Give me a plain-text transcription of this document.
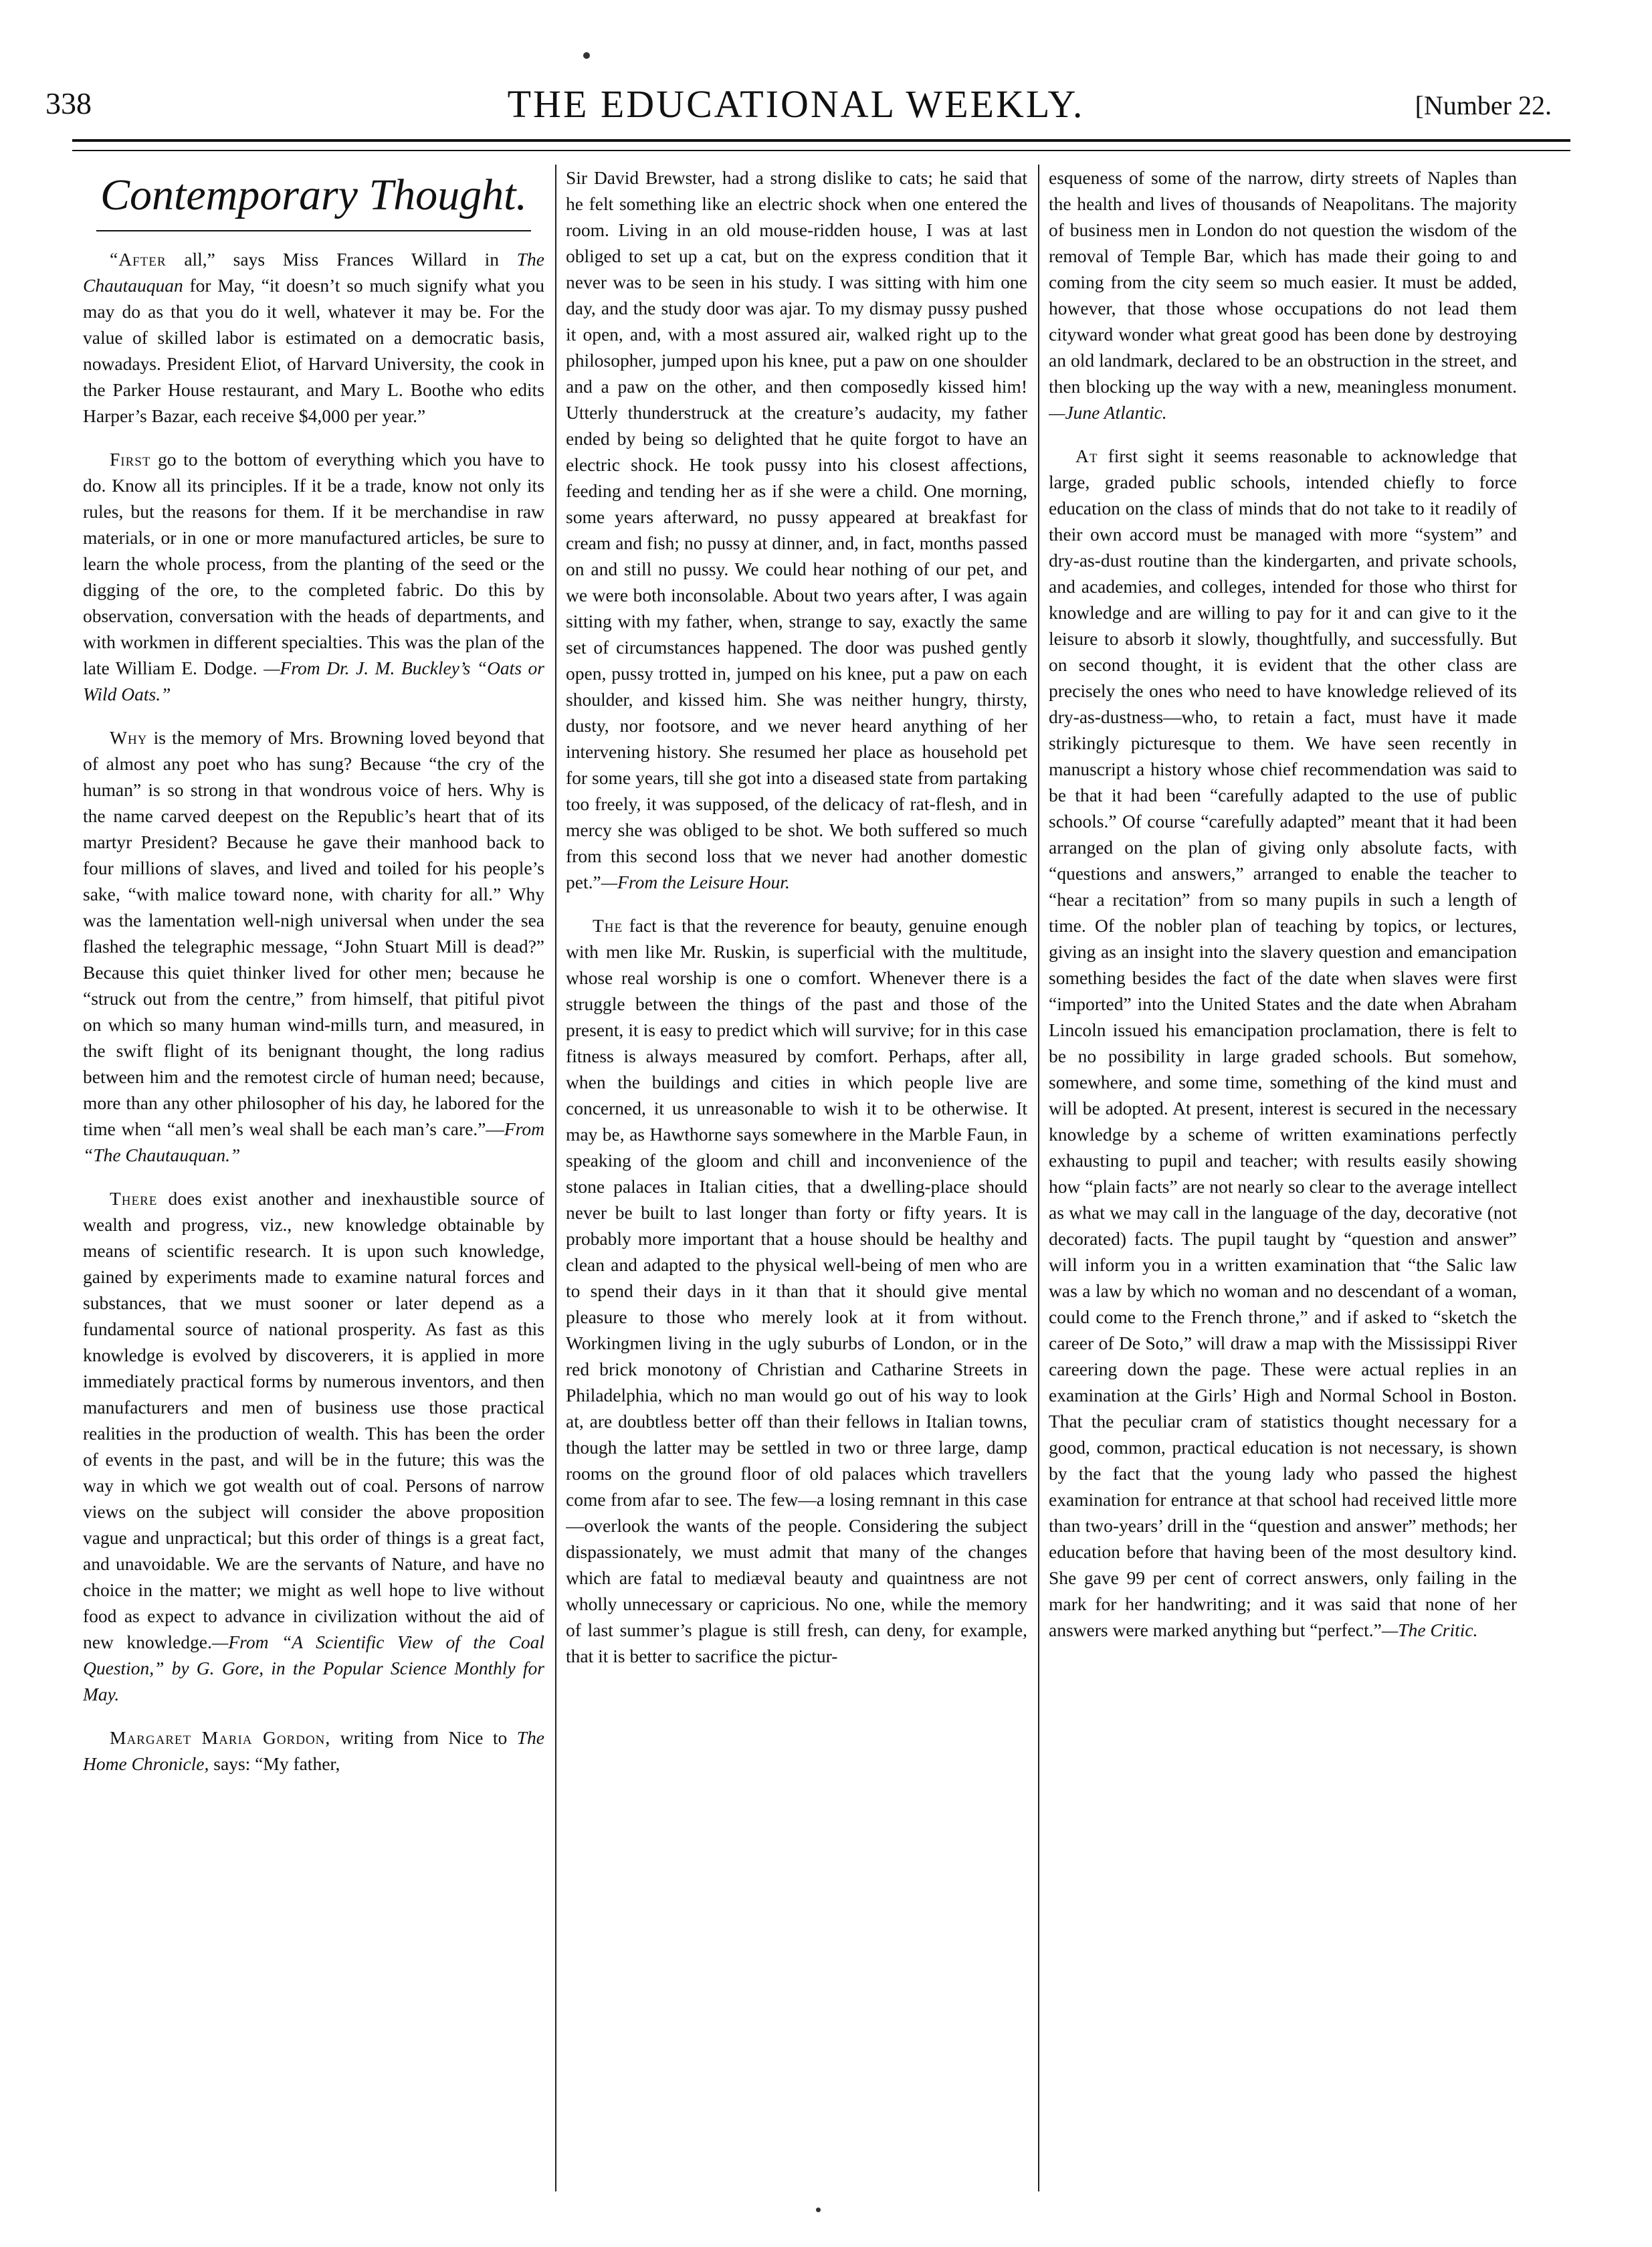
338	THE EDUCATIONAL WEEKLY.	[Number 22.
Contemporary Thought.

“After all,” says Miss Frances Willard in The Chautauquan for May, “it doesn’t so much signify what you may do as that you do it well, whatever it may be. For the value of skilled labor is estimated on a democratic basis, nowadays. President Eliot, of Harvard University, the cook in the Parker House restaurant, and Mary L. Boothe who edits Harper’s Bazar, each receive $4,000 per year.”

First go to the bottom of everything which you have to do. Know all its principles. If it be a trade, know not only its rules, but the reasons for them. If it be merchandise in raw materials, or in one or more manufactured articles, be sure to learn the whole process, from the planting of the seed or the digging of the ore, to the completed fabric. Do this by observation, conversation with the heads of departments, and with workmen in different specialties. This was the plan of the late William E. Dodge. —From Dr. J. M. Buckley’s “Oats or Wild Oats.”

Why is the memory of Mrs. Browning loved beyond that of almost any poet who has sung? Because “the cry of the human” is so strong in that wondrous voice of hers. Why is the name carved deepest on the Republic’s heart that of its martyr President? Because he gave their manhood back to four millions of slaves, and lived and toiled for his people’s sake, “with malice toward none, with charity for all.” Why was the lamentation well-nigh universal when under the sea flashed the telegraphic message, “John Stuart Mill is dead?” Because this quiet thinker lived for other men; because he “struck out from the centre,” from himself, that pitiful pivot on which so many human wind-mills turn, and measured, in the swift flight of its benignant thought, the long radius between him and the remotest circle of human need; because, more than any other philosopher of his day, he labored for the time when “all men’s weal shall be each man’s care.”—From “The Chautauquan.”

There does exist another and inexhaustible source of wealth and progress, viz., new knowledge obtainable by means of scientific research. It is upon such knowledge, gained by experiments made to examine natural forces and substances, that we must sooner or later depend as a fundamental source of national prosperity. As fast as this knowledge is evolved by discoverers, it is applied in more immediately practical forms by numerous inventors, and then manufacturers and men of business use those practical realities in the production of wealth. This has been the order of events in the past, and will be in the future; this was the way in which we got wealth out of coal. Persons of narrow views on the subject will consider the above proposition vague and unpractical; but this order of things is a great fact, and unavoidable. We are the servants of Nature, and have no choice in the matter; we might as well hope to live without food as expect to advance in civilization without the aid of new knowledge.—From “A Scientific View of the Coal Question,” by G. Gore, in the Popular Science Monthly for May.

Margaret Maria Gordon, writing from Nice to The Home Chronicle, says: “My father,

Sir David Brewster, had a strong dislike to cats; he said that he felt something like an electric shock when one entered the room. Living in an old mouse-ridden house, I was at last obliged to set up a cat, but on the express condition that it never was to be seen in his study. I was sitting with him one day, and the study door was ajar. To my dismay pussy pushed it open, and, with a most assured air, walked right up to the philosopher, jumped upon his knee, put a paw on one shoulder and a paw on the other, and then composedly kissed him! Utterly thunderstruck at the creature’s audacity, my father ended by being so delighted that he quite forgot to have an electric shock. He took pussy into his closest affections, feeding and tending her as if she were a child. One morning, some years afterward, no pussy appeared at breakfast for cream and fish; no pussy at dinner, and, in fact, months passed on and still no pussy. We could hear nothing of our pet, and we were both inconsolable. About two years after, I was again sitting with my father, when, strange to say, exactly the same set of circumstances happened. The door was pushed gently open, pussy trotted in, jumped on his knee, put a paw on each shoulder, and kissed him. She was neither hungry, thirsty, dusty, nor footsore, and we never heard anything of her intervening history. She resumed her place as household pet for some years, till she got into a diseased state from partaking too freely, it was supposed, of the delicacy of rat-flesh, and in mercy she was obliged to be shot. We both suffered so much from this second loss that we never had another domestic pet.”—From the Leisure Hour.

The fact is that the reverence for beauty, genuine enough with men like Mr. Ruskin, is superficial with the multitude, whose real worship is one o comfort. Whenever there is a struggle between the things of the past and those of the present, it is easy to predict which will survive; for in this case fitness is always measured by comfort. Perhaps, after all, when the buildings and cities in which people live are concerned, it us unreasonable to wish it to be otherwise. It may be, as Hawthorne says somewhere in the Marble Faun, in speaking of the gloom and chill and inconvenience of the stone palaces in Italian cities, that a dwelling-place should never be built to last longer than forty or fifty years. It is probably more important that a house should be healthy and clean and adapted to the physical well-being of men who are to spend their days in it than that it should give mental pleasure to those who merely look at it from without. Workingmen living in the ugly suburbs of London, or in the red brick monotony of Christian and Catharine Streets in Philadelphia, which no man would go out of his way to look at, are doubtless better off than their fellows in Italian towns, though the latter may be settled in two or three large, damp rooms on the ground floor of old palaces which travellers come from afar to see. The few—a losing remnant in this case—overlook the wants of the people. Considering the subject dispassionately, we must admit that many of the changes which are fatal to mediæval beauty and quaintness are not wholly unnecessary or capricious. No one, while the memory of last summer’s plague is still fresh, can deny, for example, that it is better to sacrifice the pictur-

esqueness of some of the narrow, dirty streets of Naples than the health and lives of thousands of Neapolitans. The majority of business men in London do not question the wisdom of the removal of Temple Bar, which has made their going to and coming from the city seem so much easier. It must be added, however, that those whose occupations do not lead them cityward wonder what great good has been done by destroying an old landmark, declared to be an obstruction in the street, and then blocking up the way with a new, meaningless monument.—June Atlantic.

At first sight it seems reasonable to acknowledge that large, graded public schools, intended chiefly to force education on the class of minds that do not take to it readily of their own accord must be managed with more “system” and dry-as-dust routine than the kindergarten, and private schools, and academies, and colleges, intended for those who thirst for knowledge and are willing to pay for it and can give to it the leisure to absorb it slowly, thoughtfully, and successfully. But on second thought, it is evident that the other class are precisely the ones who need to have knowledge relieved of its dry-as-dustness—who, to retain a fact, must have it made strikingly picturesque to them. We have seen recently in manuscript a history whose chief recommendation was said to be that it had been “carefully adapted to the use of public schools.” Of course “carefully adapted” meant that it had been arranged on the plan of giving only absolute facts, with “questions and answers,” arranged to enable the teacher to “hear a recitation” from so many pupils in such a length of time. Of the nobler plan of teaching by topics, or lectures, giving as an insight into the slavery question and emancipation something besides the fact of the date when slaves were first “imported” into the United States and the date when Abraham Lincoln issued his emancipation proclamation, there is felt to be no possibility in large graded schools. But somehow, somewhere, and some time, something of the kind must and will be adopted. At present, interest is secured in the necessary knowledge by a scheme of written examinations perfectly exhausting to pupil and teacher; with results easily showing how “plain facts” are not nearly so clear to the average intellect as what we may call in the language of the day, decorative (not decorated) facts. The pupil taught by “question and answer” will inform you in a written examination that “the Salic law was a law by which no woman and no descendant of a woman, could come to the French throne,” and if asked to “sketch the career of De Soto,” will draw a map with the Mississippi River careering down the page. These were actual replies in an examination at the Girls’ High and Normal School in Boston. That the peculiar cram of statistics thought necessary for a good, common, practical education is not necessary, is shown by the fact that the young lady who passed the highest examination for entrance at that school had received little more than two-years’ drill in the “question and answer” methods; her education before that having been of the most desultory kind. She gave 99 per cent of correct answers, only failing in the mark for her handwriting; and it was said that none of her answers were marked anything but “perfect.”—The Critic.
